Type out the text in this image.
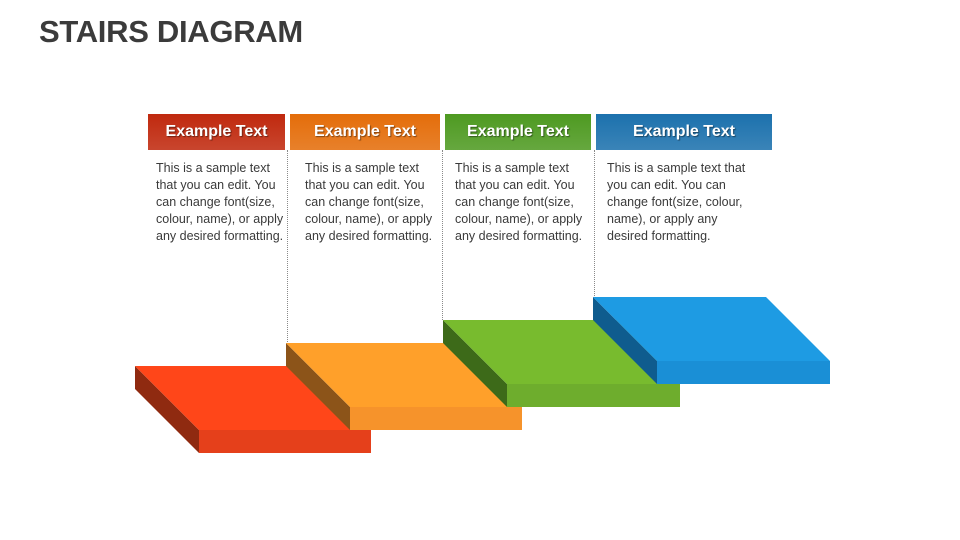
STAIRS DIAGRAM
Example Text	Example Text	Example Text	Example Text

This is a sample text that you can edit. You can change font(size, colour, name), or apply any desired formatting.

This is a sample text that you can edit. You can change font(size, colour, name), or apply any desired formatting.

This is a sample text that you can edit. You can change font(size, colour, name), or apply any desired formatting.

This is a sample text that you can edit. You can change font(size, colour, name), or apply any desired formatting.
